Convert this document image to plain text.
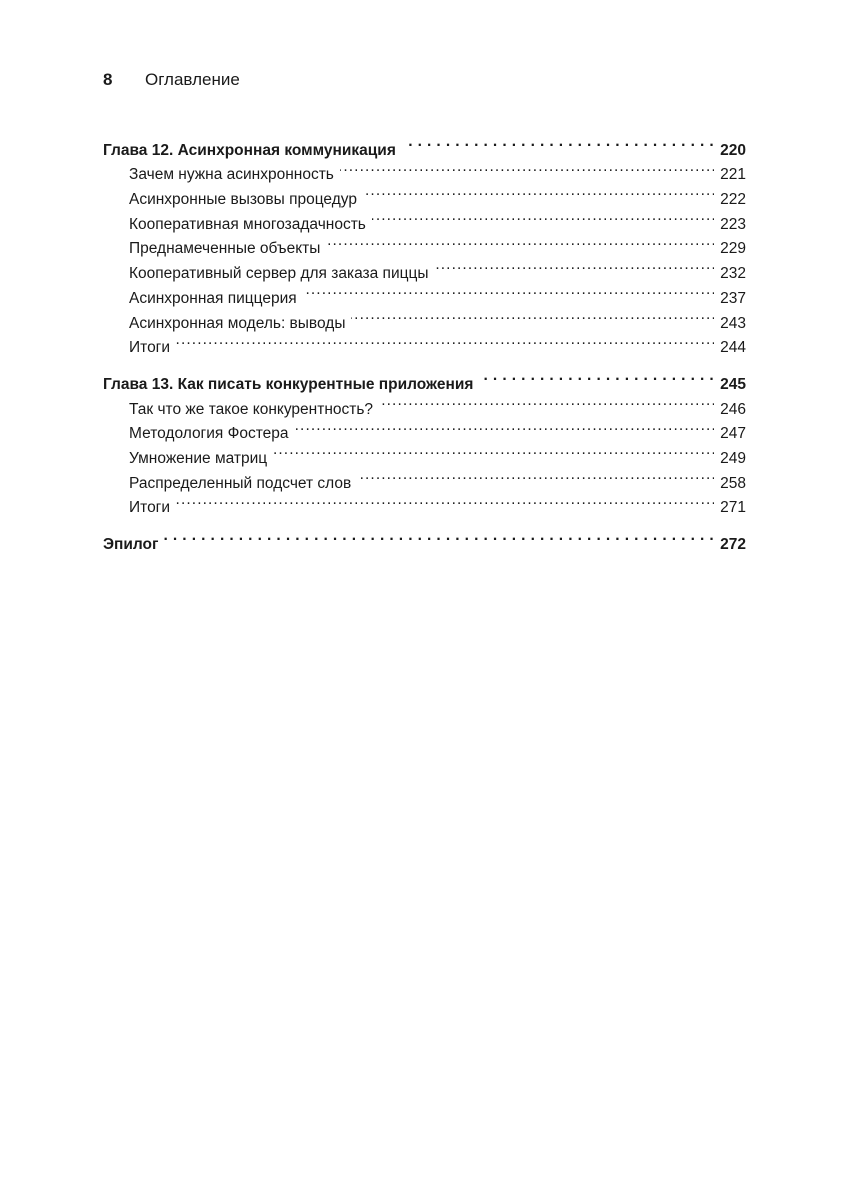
8	Оглавление
Глава 12. Асинхронная коммуникация . . .	220
Зачем нужна асинхронность . . .	221
Асинхронные вызовы процедур . . .	222
Кооперативная многозадачность . . .	223
Преднамеченные объекты . . .	229
Кооперативный сервер для заказа пиццы . . .	232
Асинхронная пиццерия . . .	237
Асинхронная модель: выводы . . .	243
Итоги . . .	244
Глава 13. Как писать конкурентные приложения . . .	245
Так что же такое конкурентность? . . .	246
Методология Фостера . . .	247
Умножение матриц . . .	249
Распределенный подсчет слов . . .	258
Итоги . . .	271
Эпилог . . .	272
